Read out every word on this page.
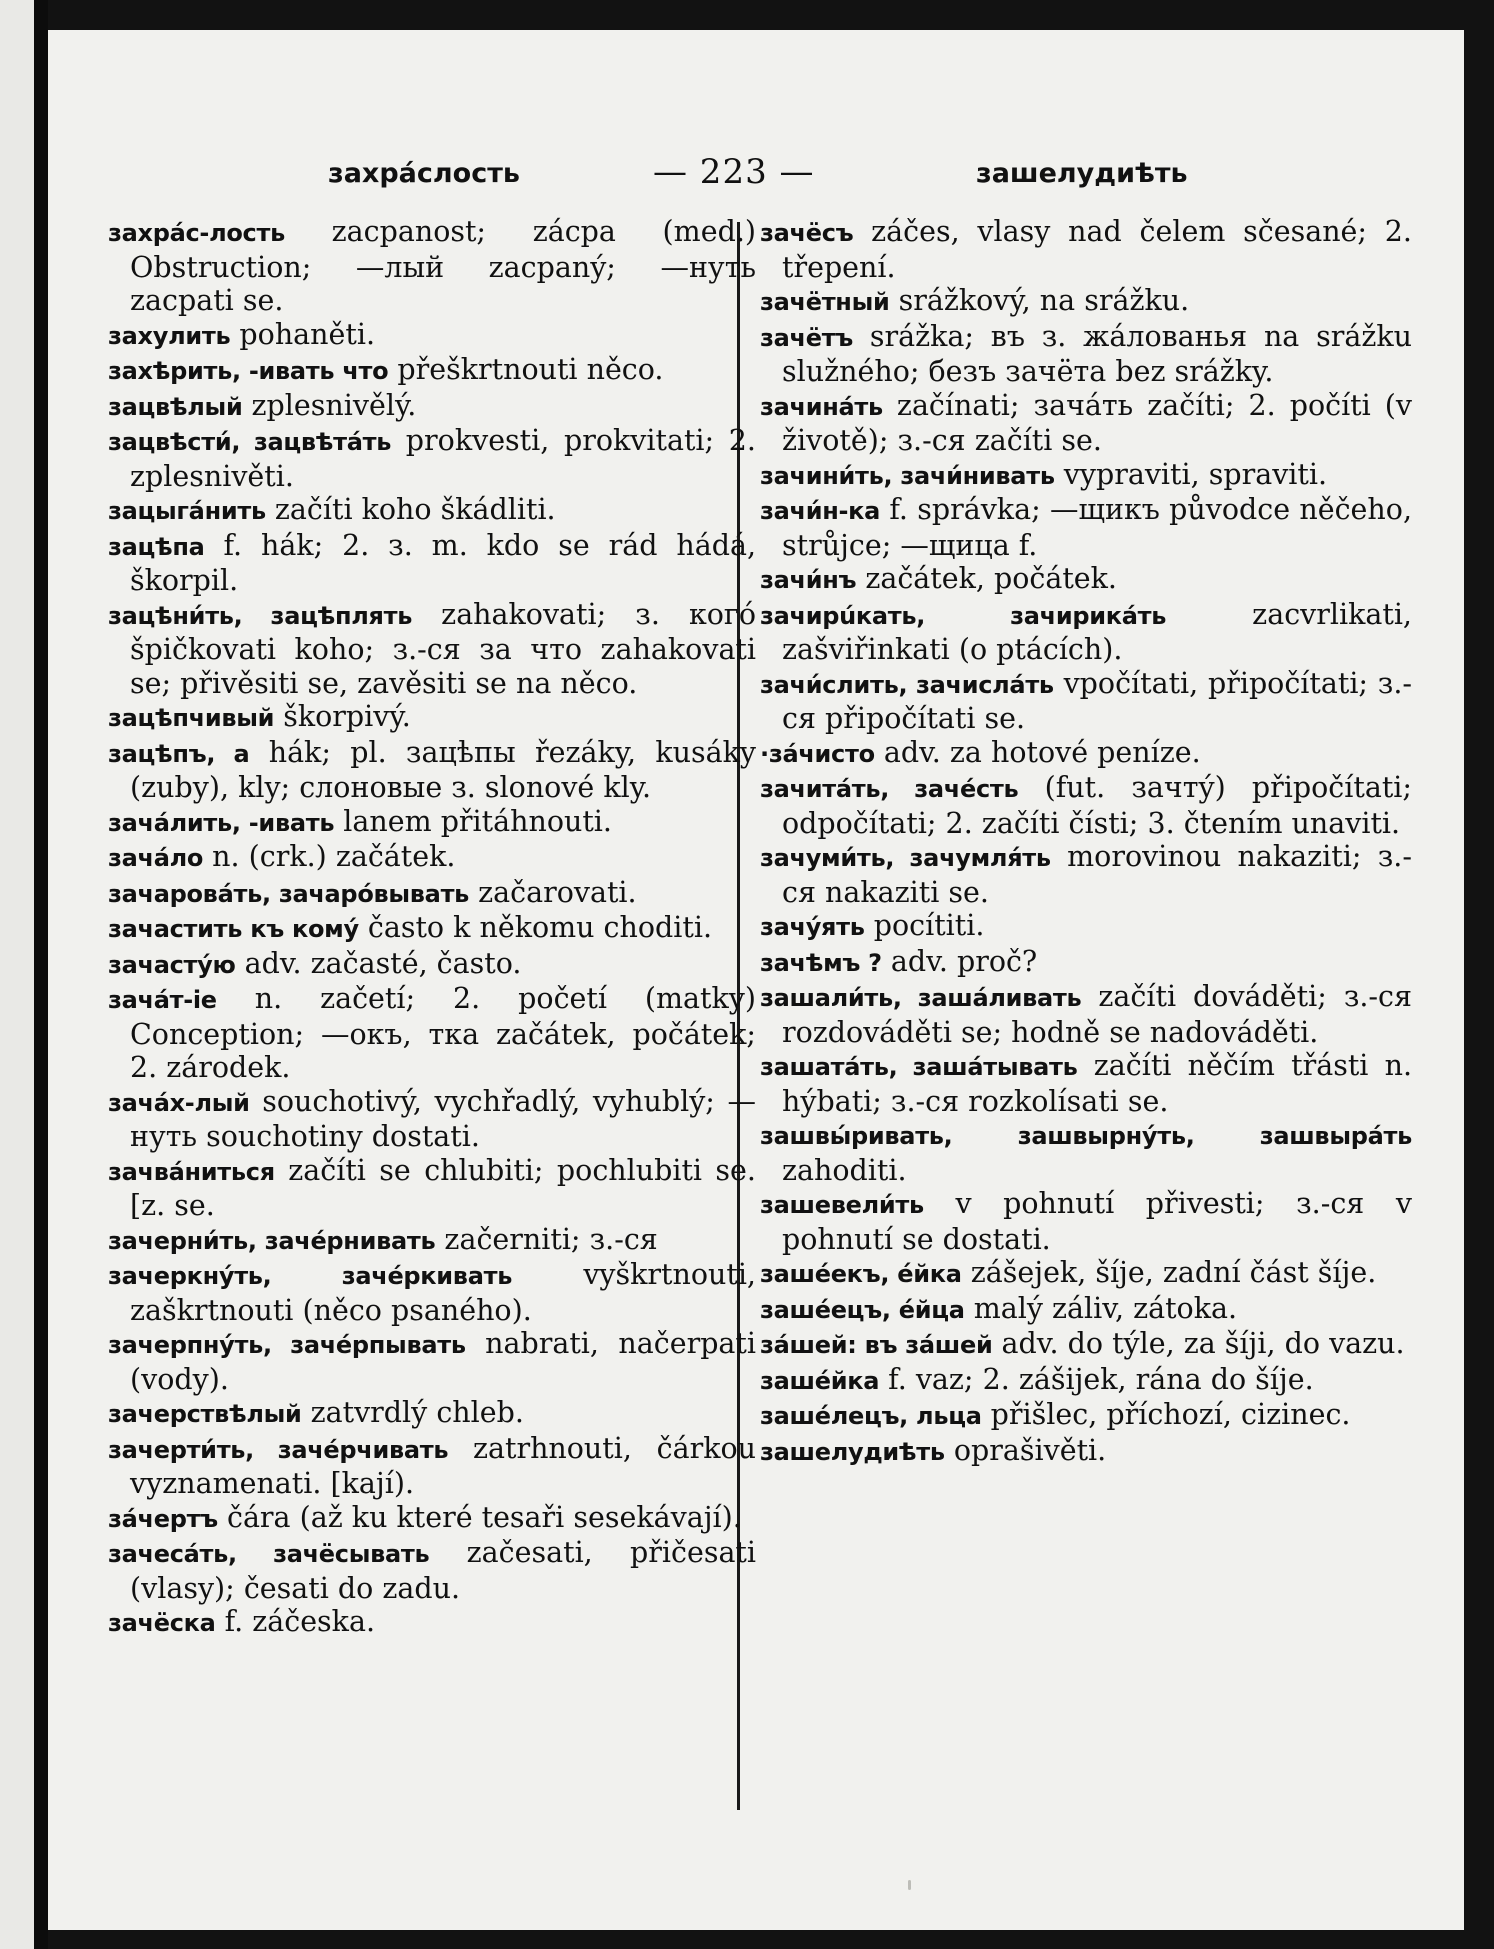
захрáслость	— 223 —	зашелудиѣть

захрáс-лость zacpanost; zácpa (med.) Obstruction; —лый zacpaný; —нуть zacpati se.

захулить pohaněti.

захѣрить, -ивать что přeškrtnouti něco.

зацвѣлый zplesnivělý.

зацвѣсти́, зацвѣтáть prokvesti, prokvitati; 2. zplesnivěti.

зацыгáнить začíti koho škádliti.

зацѣпа f. hák; 2. з. m. kdo se rád hádá, škorpil.

зацѣни́ть, зацѣплять zahakovati; з. когó špičkovati koho; з.-ся за что zahakovati se; přivěsiti se, zavěsiti se na něco.

зацѣпчивый škorpivý.

зацѣпъ, а hák; pl. зацѣпы řezáky, kusáky (zuby), kly; слоновые з. slonové kly.

зачáлить, -ивать lanem přitáhnouti.

зачáло n. (crk.) začátek.

зачаровáть, зачарóвывать začarovati.

зачастить къ комý často k někomu choditi.

зачастýю adv. začasté, často.

зачáт-ie n. začetí; 2. početí (matky) Conception; —окъ, тка začátek, počátek; 2. zárodek.

зачáх-лый souchotivý, vychřadlý, vyhublý; —нуть souchotiny dostati.

зачвáниться začíti se chlubiti; pochlubiti se. [z. se.

зачерни́ть, зачéрнивать začerniti; з.-ся

зачеркнýть, зачéркивать vyškrtnouti, zaškrtnouti (něco psaného).

зачерпнýть, зачéрпывать nabrati, načerpati (vody).

зачерствѣлый zatvrdlý chleb.

зачерти́ть, зачéрчивать zatrhnouti, čárkou vyznamenati. [kají).

зáчертъ čára (až ku které tesaři sesekávají).

зачесáть, зачёсывать začesati, přičesati (vlasy); česati do zadu.

зачёска f. záčeska.

зачёсъ záčes, vlasy nad čelem sčesané; 2. třepení.

зачётный srážkový, na srážku.

зачётъ srážka; въ з. жáлованья na srážku služného; безъ зачёта bez srážky.

зачинáть začínati; зачáть začíti; 2. počíti (v životě); з.-ся začíti se.

зачини́ть, зачи́нивать vypraviti, spraviti.

зачи́н-ка f. správka; —щикъ původce něčeho, strůjce; —щица f.

зачи́нъ začátek, počátek.

зачирúкать, зачирикáть zacvrlikati, zašviřinkati (o ptácích).

зачи́слить, зачислáть vpočítati, připočítati; з.-ся připočítati se.

·зáчисто adv. za hotové peníze.

зачитáть, зачéсть (fut. зачтý) připočítati; odpočítati; 2. začíti čísti; 3. čtením unaviti.

зачуми́ть, зачумля́ть morovinou nakaziti; з.-ся nakaziti se.

зачýять pocítiti.

зачѣмъ ? adv. proč?

зашали́ть, зашáливать začíti dováděti; з.-ся rozdováděti se; hodně se nadováděti.

зашатáть, зашáтывать začíti něčím třásti n. hýbati; з.-ся rozkolísati se.

зашвы́ривать, зашвырнýть, зашвырáть zahoditi.

зашевели́ть v pohnutí přivesti; з.-ся v pohnutí se dostati.

заше́екъ, е́йка zášejek, šíje, zadní část šíje.

заше́ецъ, е́йца malý záliv, zátoka.

зáшей: въ зáшей adv. do týle, za šíji, do vazu.

заше́йка f. vaz; 2. zášijek, rána do šíje.

заше́лецъ, льца přišlec, příchozí, cizinec.

зашелудиѣть oprašivěti.
